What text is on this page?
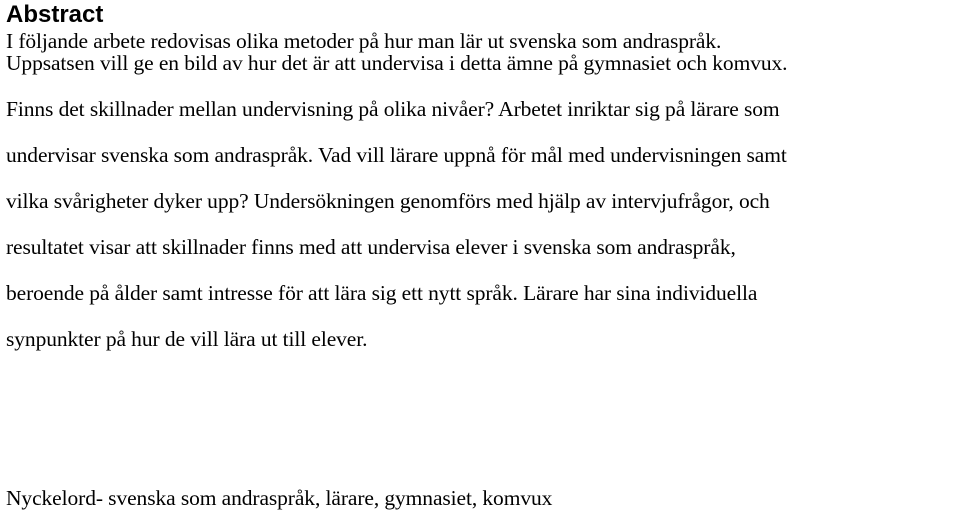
Abstract

I följande arbete redovisas olika metoder på hur man lär ut svenska som andraspråk.

Uppsatsen vill ge en bild av hur det är att undervisa i detta ämne på gymnasiet och komvux.
Finns det skillnader mellan undervisning på olika nivåer? Arbetet inriktar sig på lärare som
undervisar svenska som andraspråk. Vad vill lärare uppnå för mål med undervisningen samt
vilka svårigheter dyker upp? Undersökningen genomförs med hjälp av intervjufrågor, och
resultatet visar att skillnader finns med att undervisa elever i svenska som andraspråk,
beroende på ålder samt intresse för att lära sig ett nytt språk. Lärare har sina individuella
synpunkter på hur de vill lära ut till elever.

Nyckelord- svenska som andraspråk, lärare, gymnasiet, komvux
